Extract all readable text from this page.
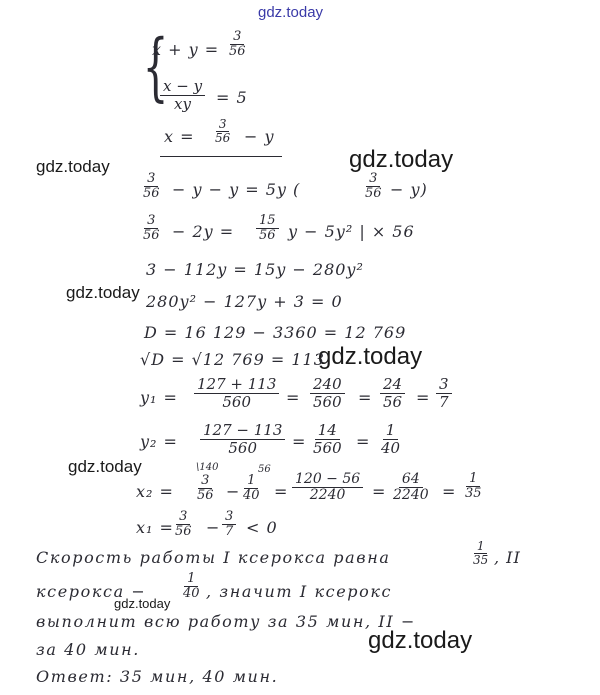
gdz.today
gdz.today	gdz.today
gdz.today
gdz.today
gdz.today
gdz.today
gdz.today
{
$x + y = \frac{3}{56}$
$\frac{x - y}{xy} = 5$
$x = \frac{3}{56} - y$
$\frac{3}{56} - y - y = 5y$ (	$\frac{3}{56} - y$)
$\frac{3}{56} - 2y = \frac{15}{56}$ y − 5y² | × 56
3 − 112y = 15y − 280y²
280y² − 127y + 3 = 0
D = 16 129 − 3360 = 12 769
√D = √12 769 = 113
$y_1 = \frac{127 + 113}{560} = \frac{240}{560} = \frac{24}{56} = \frac{3}{7}$
$y_2 = \frac{127 - 113}{560} = \frac{14}{560} = \frac{1}{40}$
x₂ =
\140
$\frac{3}{56}$ −
56
$\frac{1}{40} = \frac{120 - 56}{2240} = \frac{64}{2240} = \frac{1}{35}$
x₁ =
$\frac{3}{56} - \frac{3}{7} < 0$
Скорость работы I ксерокса равна	$\frac{1}{35}$ , II
ксерокса −	$\frac{1}{40}$ , значит I ксерокс
выполнит всю работу за 35 мин, II −
за 40 мин.
Ответ: 35 мин, 40 мин.
